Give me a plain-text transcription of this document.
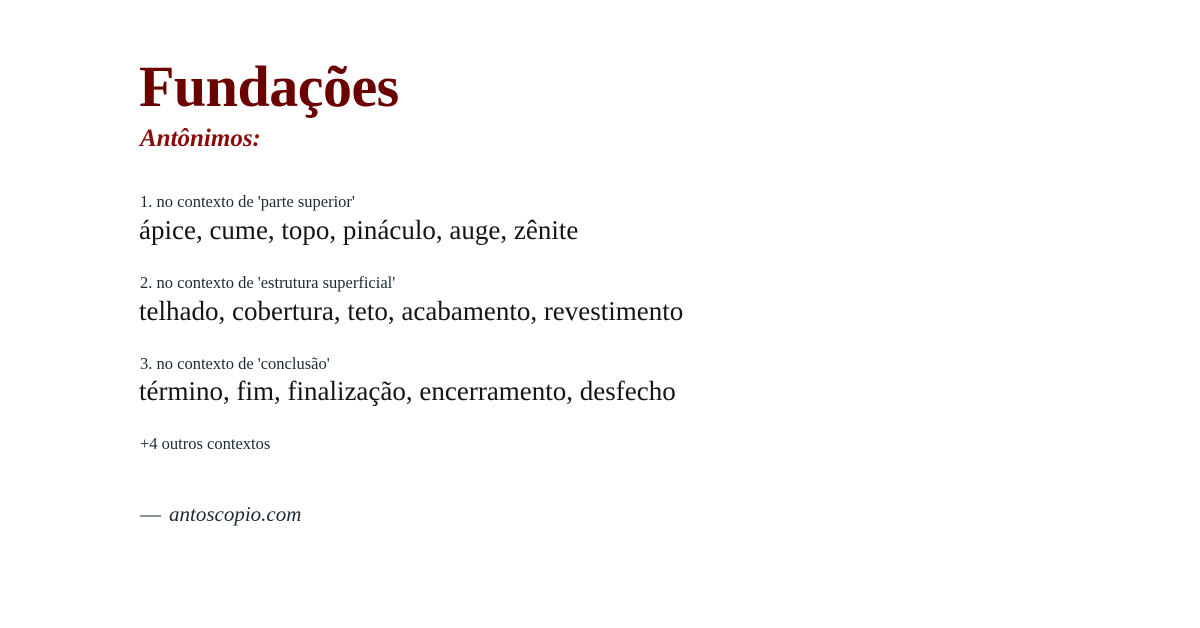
Fundações
Antônimos:
1. no contexto de 'parte superior'
ápice, cume, topo, pináculo, auge, zênite
2. no contexto de 'estrutura superficial'
telhado, cobertura, teto, acabamento, revestimento
3. no contexto de 'conclusão'
término, fim, finalização, encerramento, desfecho
+4 outros contextos
— antoscopio.com
